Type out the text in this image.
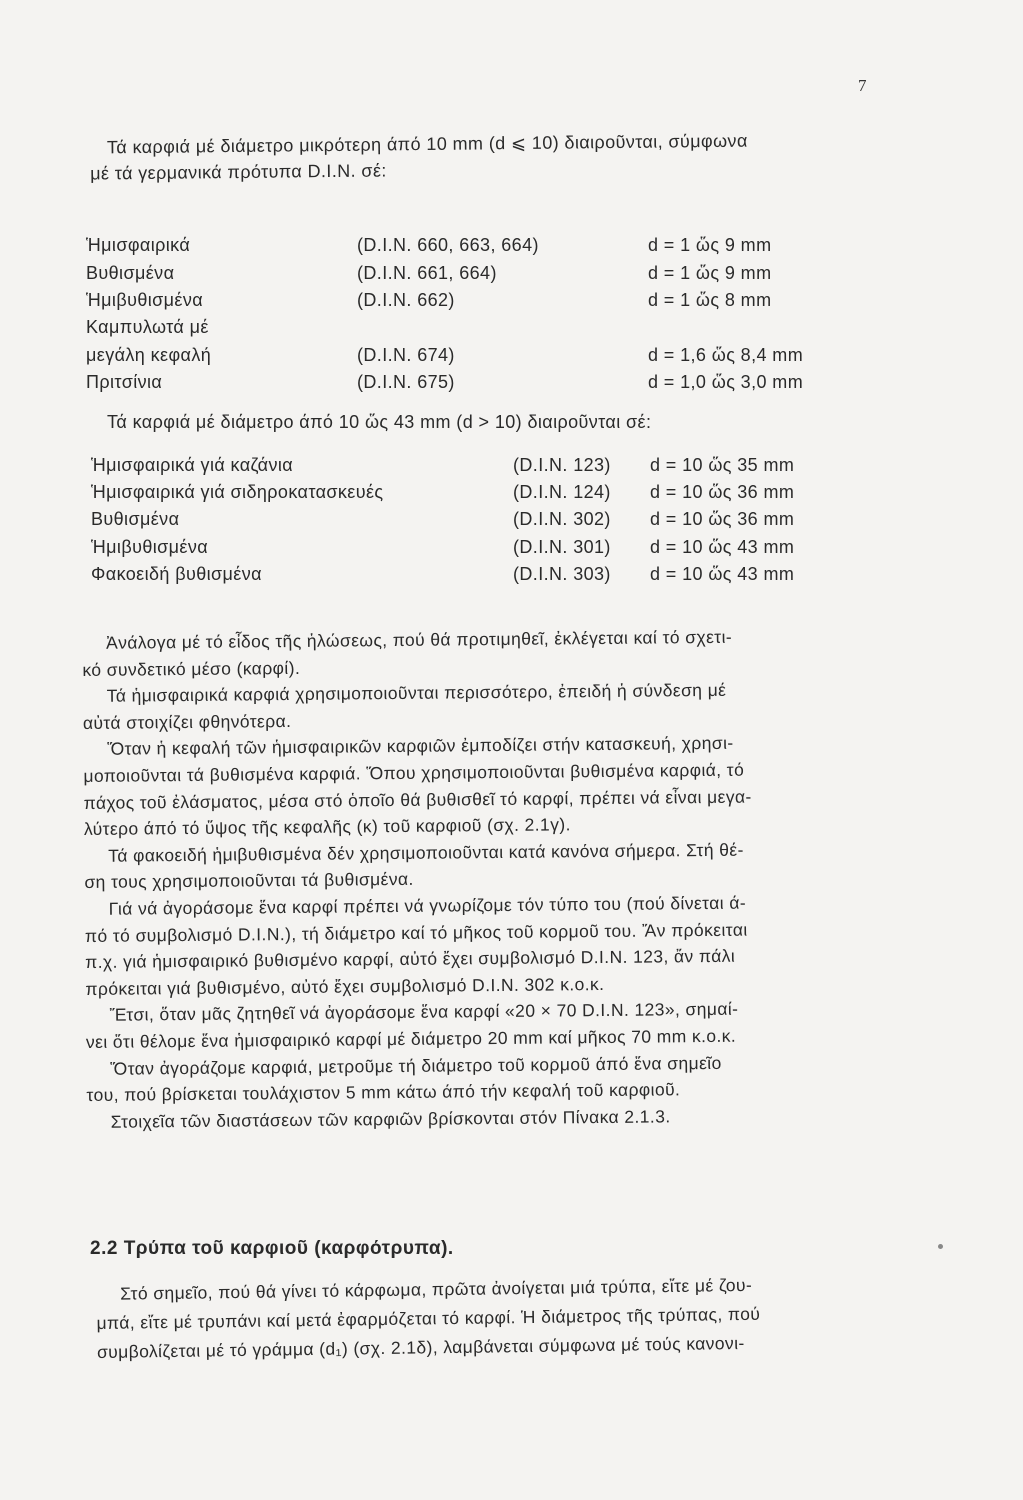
7
Τά καρφιά μέ διάμετρο μικρότερη άπό 10 mm (d ⩽ 10) διαιροῦνται, σύμφωνα
μέ τά γερμανικά πρότυπα D.I.N. σέ:
Ἡμισφαιρικά	(D.I.N. 660, 663, 664)	d = 1 ὥς 9 mm
Βυθισμένα	(D.I.N. 661, 664)	d = 1 ὥς 9 mm
Ἡμιβυθισμένα	(D.I.N. 662)	d = 1 ὥς 8 mm
Καμπυλωτά μέ
μεγάλη κεφαλή	(D.I.N. 674)	d = 1,6 ὥς 8,4 mm
Πριτσίνια	(D.I.N. 675)	d = 1,0 ὥς 3,0 mm
Τά καρφιά μέ διάμετρο άπό 10 ὥς 43 mm (d > 10) διαιροῦνται σέ:
Ἡμισφαιρικά γιά καζάνια	(D.I.N. 123) d = 10 ὥς 35 mm
Ἡμισφαιρικά γιά σιδηροκατασκευές	(D.I.N. 124) d = 10 ὥς 36 mm
Βυθισμένα	(D.I.N. 302) d = 10 ὥς 36 mm
Ἡμιβυθισμένα	(D.I.N. 301) d = 10 ὥς 43 mm
Φακοειδή βυθισμένα	(D.I.N. 303) d = 10 ὥς 43 mm
Ἀνάλογα μέ τό εἶδος τῆς ἡλώσεως, πού θά προτιμηθεῖ, ἐκλέγεται καί τό σχετι-
κό συνδετικό μέσο (καρφί).
Τά ἡμισφαιρικά καρφιά χρησιμοποιοῦνται περισσότερο, ἐπειδή ἡ σύνδεση μέ
αὐτά στοιχίζει φθηνότερα.
Ὅταν ἡ κεφαλή τῶν ἡμισφαιρικῶν καρφιῶν ἐμποδίζει στήν κατασκευή, χρησι-
μοποιοῦνται τά βυθισμένα καρφιά. Ὅπου χρησιμοποιοῦνται βυθισμένα καρφιά, τό
πάχος τοῦ ἐλάσματος, μέσα στό ὁποῖο θά βυθισθεῖ τό καρφί, πρέπει νά εἶναι μεγα-
λύτερο άπό τό ὕψος τῆς κεφαλῆς (κ) τοῦ καρφιοῦ (σχ. 2.1γ).
Τά φακοειδή ἡμιβυθισμένα δέν χρησιμοποιοῦνται κατά κανόνα σήμερα. Στή θέ-
ση τους χρησιμοποιοῦνται τά βυθισμένα.
Γιά νά ἀγοράσομε ἕνα καρφί πρέπει νά γνωρίζομε τόν τύπο του (πού δίνεται ά-
πό τό συμβολισμό D.I.N.), τή διάμετρο καί τό μῆκος τοῦ κορμοῦ του. Ἄν πρόκειται
π.χ. γιά ἡμισφαιρικό βυθισμένο καρφί, αὐτό ἔχει συμβολισμό D.I.N. 123, ἄν πάλι
πρόκειται γιά βυθισμένο, αὐτό ἔχει συμβολισμό D.I.N. 302 κ.ο.κ.
Ἔτσι, ὅταν μᾶς ζητηθεῖ νά ἀγοράσομε ἕνα καρφί «20 × 70 D.I.N. 123», σημαί-
νει ὅτι θέλομε ἕνα ἡμισφαιρικό καρφί μέ διάμετρο 20 mm καί μῆκος 70 mm κ.ο.κ.
Ὅταν ἀγοράζομε καρφιά, μετροῦμε τή διάμετρο τοῦ κορμοῦ άπό ἕνα σημεῖο
του, πού βρίσκεται τουλάχιστον 5 mm κάτω άπό τήν κεφαλή τοῦ καρφιοῦ.
Στοιχεῖα τῶν διαστάσεων τῶν καρφιῶν βρίσκονται στόν Πίνακα 2.1.3.
2.2 Τρύπα τοῦ καρφιοῦ (καρφότρυπα).
Στό σημεῖο, πού θά γίνει τό κάρφωμα, πρῶτα ἀνοίγεται μιά τρύπα, εἴτε μέ ζου-
μπά, εἴτε μέ τρυπάνι καί μετά ἐφαρμόζεται τό καρφί. Ἡ διάμετρος τῆς τρύπας, πού
συμβολίζεται μέ τό γράμμα (d₁) (σχ. 2.1δ), λαμβάνεται σύμφωνα μέ τούς κανονι-
